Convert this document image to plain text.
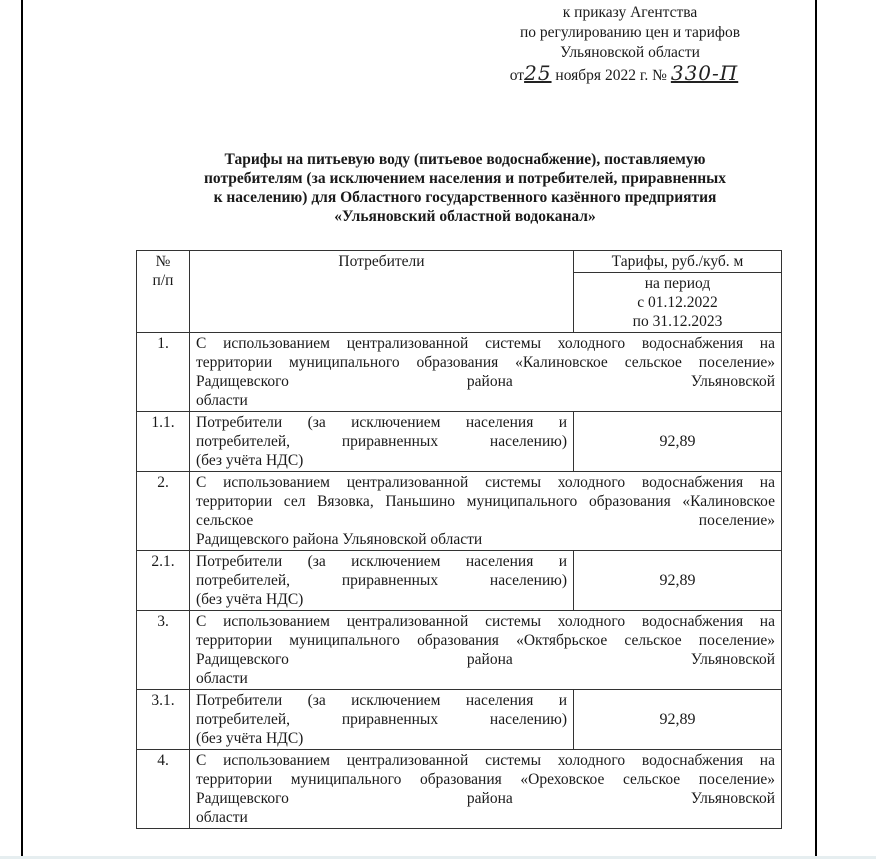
к приказу Агентства
по регулированию цен и тарифов
Ульяновской области
от25 ноября 2022 г. № 330-П
Тарифы на питьевую воду (питьевое водоснабжение), поставляемую
потребителям (за исключением населения и потребителей, приравненных
к населению) для Областного государственного казённого предприятия
«Ульяновский областной водоканал»
№
п/п	Потребители	Тарифы, руб./куб. м

		на период
с 01.12.2022
по 31.12.2023

1.	С использованием централизованной системы холодного водоснабжения на территории муниципального образования «Калиновское сельское поселение» Радищевского района Ульяновской
области	

1.1.	Потребители (за исключением населения и потребителей, приравненных населению)
(без учёта НДС)	92,89
2.	С использованием централизованной системы холодного водоснабжения на территории сел Вязовка, Паньшино муниципального образования «Калиновское сельское поселение»
Радищевского района Ульяновской области	

2.1.	Потребители (за исключением населения и потребителей, приравненных населению)
(без учёта НДС)	92,89
3.	С использованием централизованной системы холодного водоснабжения на территории муниципального образования «Октябрьское сельское поселение» Радищевского района Ульяновской
области	

3.1.	Потребители (за исключением населения и потребителей, приравненных населению)
(без учёта НДС)	92,89
4.	С использованием централизованной системы холодного водоснабжения на территории муниципального образования «Ореховское сельское поселение» Радищевского района Ульяновской
области	
